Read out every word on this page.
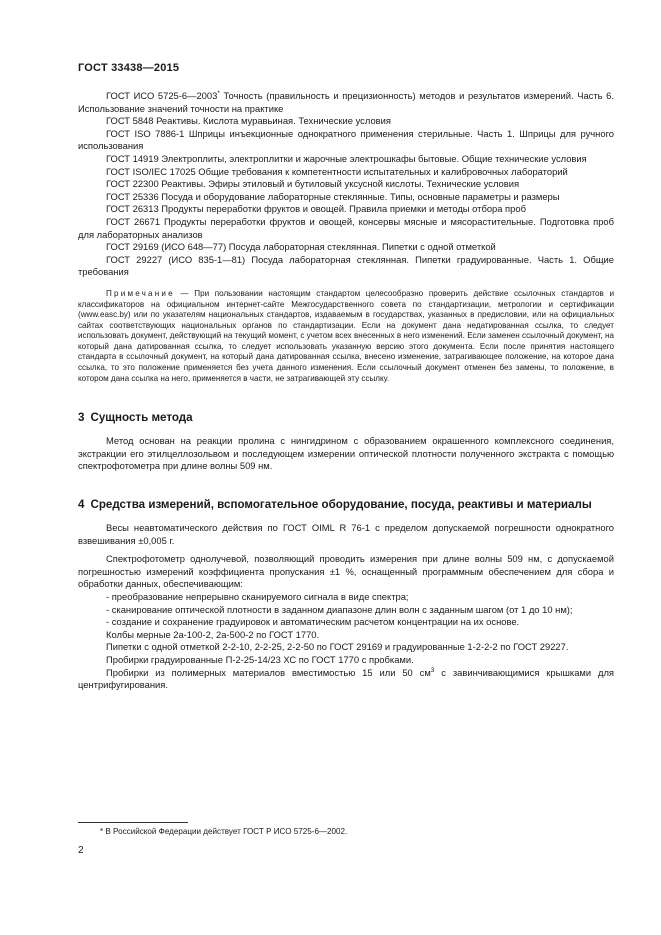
ГОСТ 33438—2015

ГОСТ ИСО 5725-6—2003* Точность (правильность и прецизионность) методов и результатов измерений. Часть 6. Использование значений точности на практике

ГОСТ 5848 Реактивы. Кислота муравьиная. Технические условия

ГОСТ ISO 7886-1 Шприцы инъекционные однократного применения стерильные. Часть 1. Шприцы для ручного использования

ГОСТ 14919 Электроплиты, электроплитки и жарочные электрошкафы бытовые. Общие технические условия

ГОСТ ISO/IEC 17025 Общие требования к компетентности испытательных и калибровочных лабораторий

ГОСТ 22300 Реактивы. Эфиры этиловый и бутиловый уксусной кислоты. Технические условия

ГОСТ 25336 Посуда и оборудование лабораторные стеклянные. Типы, основные параметры и размеры

ГОСТ 26313 Продукты переработки фруктов и овощей. Правила приемки и методы отбора проб

ГОСТ 26671 Продукты переработки фруктов и овощей, консервы мясные и мясорастительные. Подготовка проб для лабораторных анализов

ГОСТ 29169 (ИСО 648—77) Посуда лабораторная стеклянная. Пипетки с одной отметкой

ГОСТ 29227 (ИСО 835-1—81) Посуда лабораторная стеклянная. Пипетки градуированные. Часть 1. Общие требования

Примечание — При пользовании настоящим стандартом целесообразно проверить действие ссылочных стандартов и классификаторов на официальном интернет-сайте Межгосударственного совета по стандартизации, метрологии и сертификации (www.easc.by) или по указателям национальных стандартов, издаваемым в государствах, указанных в предисловии, или на официальных сайтах соответствующих национальных органов по стандартизации. Если на документ дана недатированная ссылка, то следует использовать документ, действующий на текущий момент, с учетом всех внесенных в него изменений. Если заменен ссылочный документ, на который дана датированная ссылка, то следует использовать указанную версию этого документа. Если после принятия настоящего стандарта в ссылочный документ, на который дана датированная ссылка, внесено изменение, затрагивающее положение, на которое дана ссылка, то это положение применяется без учета данного изменения. Если ссылочный документ отменен без замены, то положение, в котором дана ссылка на него, применяется в части, не затрагивающей эту ссылку.

3 Сущность метода

Метод основан на реакции пролина с нингидрином с образованием окрашенного комплексного соединения, экстракции его этилцеллозольвом и последующем измерении оптической плотности полученного экстракта с помощью спектрофотометра при длине волны 509 нм.

4 Средства измерений, вспомогательное оборудование, посуда, реактивы и материалы

Весы неавтоматического действия по ГОСТ OIML R 76-1 с пределом допускаемой погрешности однократного взвешивания ±0,005 г.

Спектрофотометр однолучевой, позволяющий проводить измерения при длине волны 509 нм, с допускаемой погрешностью измерений коэффициента пропускания ±1 %, оснащенный программным обеспечением для сбора и обработки данных, обеспечивающим:

- преобразование непрерывно сканируемого сигнала в виде спектра;

- сканирование оптической плотности в заданном диапазоне длин волн с заданным шагом (от 1 до 10 нм);

- создание и сохранение градуировок и автоматическим расчетом концентрации на их основе.

Колбы мерные 2а-100-2, 2а-500-2 по ГОСТ 1770.

Пипетки с одной отметкой 2-2-10, 2-2-25, 2-2-50 по ГОСТ 29169 и градуированные 1-2-2-2 по ГОСТ 29227.

Пробирки градуированные П-2-25-14/23 ХС по ГОСТ 1770 с пробками.

Пробирки из полимерных материалов вместимостью 15 или 50 $см^3$ с завинчивающимися крышками для центрифугирования.

* В Российской Федерации действует ГОСТ Р ИСО 5725-6—2002.
2
